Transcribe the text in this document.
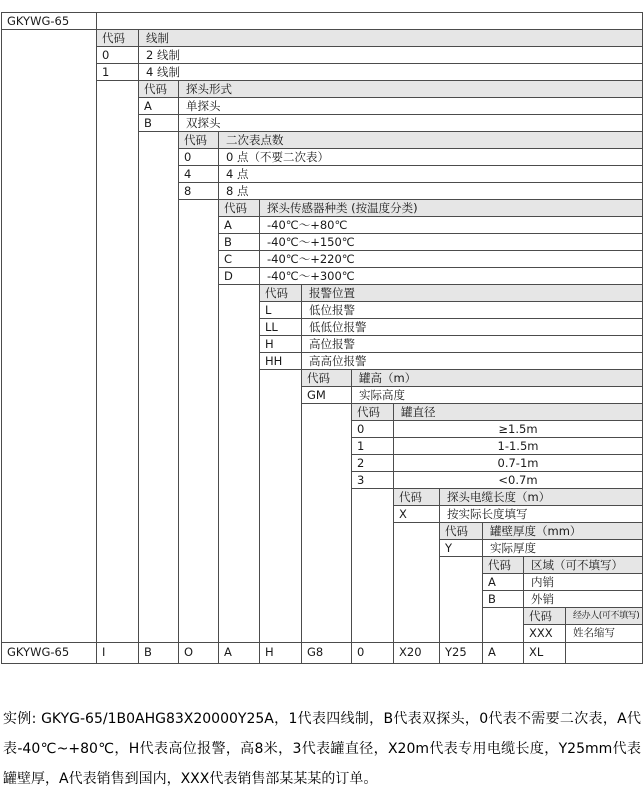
GKYWG-65
代码	线制
0	2 线制
1	4 线制
代码	探头形式
A	单探头
B	双探头
代码	二次表点数
0	0 点（不要二次表）
4	4 点
8	8 点
代码	探头传感器种类 (按温度分类)
A	-40℃～+80℃
B	-40℃～+150℃
C	-40℃～+220℃
D	-40℃～+300℃
代码	报警位置
L	低位报警
LL	低低位报警
H	高位报警
HH	高高位报警
代码	罐高（m）
GM	实际高度
代码	罐直径
0	≥1.5m
1	1-1.5m
2	0.7-1m
3	<0.7m
代码	探头电缆长度（m）
X	按实际长度填写
代码	罐壁厚度（mm）
Y	实际厚度
代码	区域（可不填写）
A	内销
B	外销
代码	经办人(可不填写)
XXX	姓名缩写
GKYWG-65	I	B	O	A	H	G8	0	X20	Y25	A	XL

实例: GKYG-65/1B0AHG83X20000Y25A，1代表四线制，B代表双探头，0代表不需要二次表，A代表-40℃~+80℃，H代表高位报警，高8米，3代表罐直径，X20m代表专用电缆长度，Y25mm代表罐壁厚，A代表销售到国内，XXX代表销售部某某某的订单。
